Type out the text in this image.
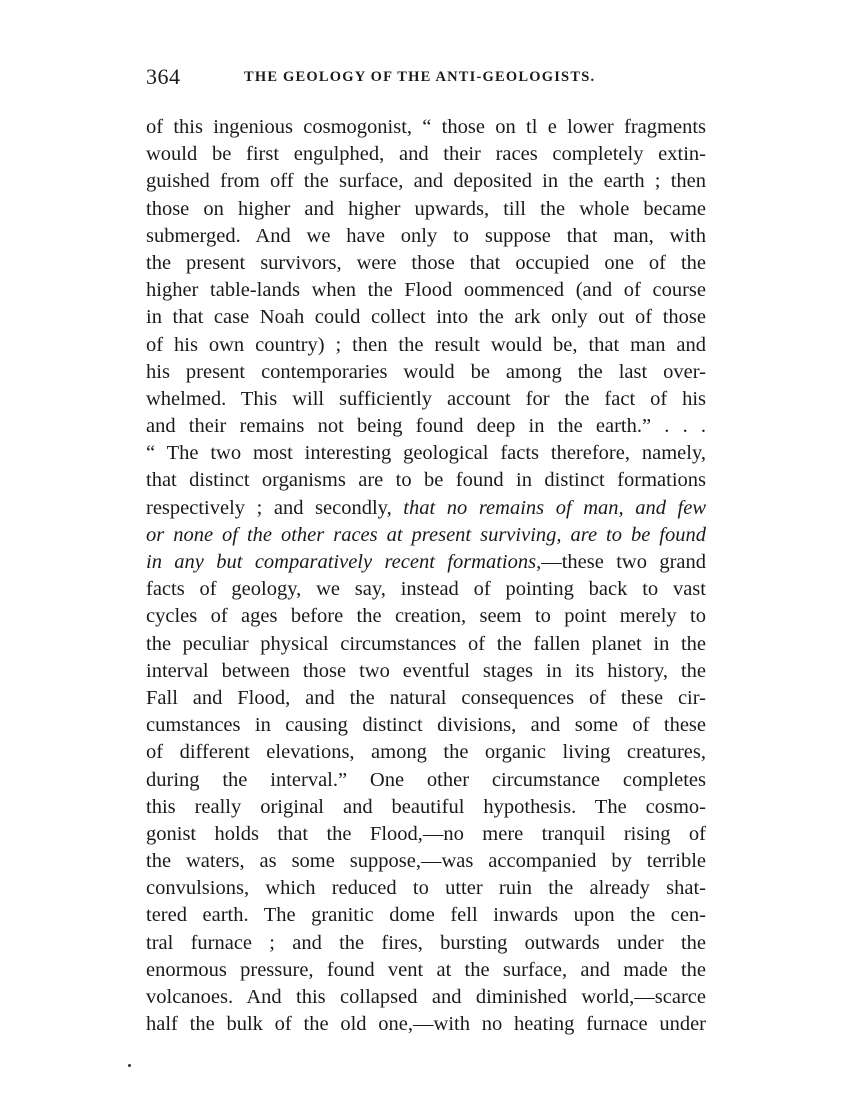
364	THE GEOLOGY OF THE ANTI-GEOLOGISTS.
of this ingenious cosmogonist, “ those on tl e lower fragments
would be first engulphed, and their races completely extin-
guished from off the surface, and deposited in the earth ; then
those on higher and higher upwards, till the whole became
submerged. And we have only to suppose that man, with
the present survivors, were those that occupied one of the
higher table-lands when the Flood oommenced (and of course
in that case Noah could collect into the ark only out of those
of his own country) ; then the result would be, that man and
his present contemporaries would be among the last over-
whelmed. This will sufficiently account for the fact of his
and their remains not being found deep in the earth.” . . .
“ The two most interesting geological facts therefore, namely,
that distinct organisms are to be found in distinct formations
respectively ; and secondly, that no remains of man, and few
or none of the other races at present surviving, are to be found
in any but comparatively recent formations,—these two grand
facts of geology, we say, instead of pointing back to vast
cycles of ages before the creation, seem to point merely to
the peculiar physical circumstances of the fallen planet in the
interval between those two eventful stages in its history, the
Fall and Flood, and the natural consequences of these cir-
cumstances in causing distinct divisions, and some of these
of different elevations, among the organic living creatures,
during the interval.” One other circumstance completes
this really original and beautiful hypothesis. The cosmo-
gonist holds that the Flood,—no mere tranquil rising of
the waters, as some suppose,—was accompanied by terrible
convulsions, which reduced to utter ruin the already shat-
tered earth. The granitic dome fell inwards upon the cen-
tral furnace ; and the fires, bursting outwards under the
enormous pressure, found vent at the surface, and made the
volcanoes. And this collapsed and diminished world,—scarce
half the bulk of the old one,—with no heating furnace under
